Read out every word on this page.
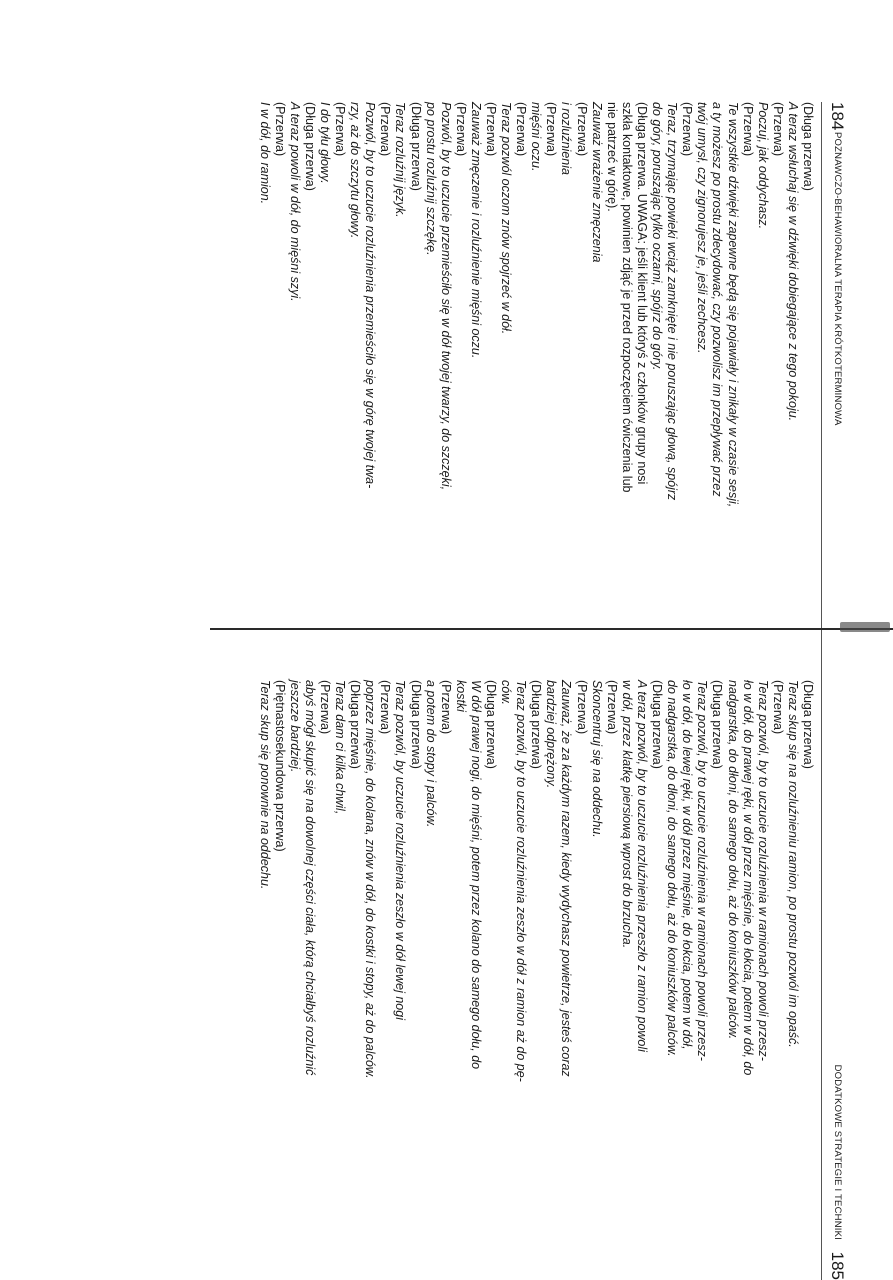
184
POZNAWCZO-BEHAWIORALNA TERAPIA KRÓTKOTERMINOWA
(Długa przerwa)
A teraz wsłuchaj się w dźwięki dobiegające z tego pokoju.
(Przerwa)
Poczuj, jak oddychasz.
(Przerwa)
Te wszystkie dźwięki zapewne będą się pojawiały i znikały w czasie sesji,
a ty możesz po prostu zdecydować, czy pozwolisz im przepływać przez
twój umysł, czy zignorujesz je, jeśli zechcesz.
(Przerwa)
Teraz, trzymając powieki wciąż zamknięte i nie poruszając głową, spójrz
do góry, poruszając tylko oczami, spójrz do góry.
(Długa przerwa. UWAGA: jeśli klient lub któryś z członków grupy nosi
szkła kontaktowe, powinien zdjąć je przed rozpoczęciem ćwiczenia lub
nie patrzeć w górę).
Zauważ wrażenie zmęczenia
(Przerwa)
i rozluźnienia
(Przerwa)
mięśni oczu.
(Przerwa)
Teraz pozwól oczom znów spojrzeć w dół.
(Przerwa)
Zauważ zmęczenie i rozluźnienie mięśni oczu.
(Przerwa)
Pozwól, by to uczucie przemieściło się w dół twojej twarzy, do szczęki,
po prostu rozluźnij szczękę.
(Długa przerwa)
Teraz rozluźnij język.
(Przerwa)
Pozwól, by to uczucie rozluźnienia przemieściło się w górę twojej twa-
rzy, aż do szczytu głowy.
(Przerwa)
I do tyłu głowy.
(Długa przerwa)
A teraz powoli w dół, do mięśni szyi.
(Przerwa)
I w dół, do ramion.
DODATKOWE STRATEGIE I TECHNIKI
185
(Długa przerwa)
Teraz skup się na rozluźnieniu ramion, po prostu pozwól im opaść.
(Przerwa)
Teraz pozwól, by to uczucie rozluźnienia w ramionach powoli przesz-
ło w dół, do prawej ręki, w dół przez mięśnie, do łokcia, potem w dół, do
nadgarstka, do dłoni, do samego dołu, aż do koniuszków palców.
(Długa przerwa)
Teraz pozwól, by to uczucie rozluźnienia w ramionach powoli przesz-
ło w dół, do lewej ręki, w dół przez mięśnie, do łokcia, potem w dół,
do nadgarstka, do dłoni, do samego dołu, aż do koniuszków palców.
(Długa przerwa)
A teraz pozwól, by to uczucie rozluźnienia przeszło z ramion powoli
w dół, przez klatkę piersiową wprost do brzucha.
(Przerwa)
Skoncentruj się na oddechu.
(Przerwa)
Zauważ, że za każdym razem, kiedy wydychasz powietrze, jesteś coraz
bardziej odprężony.
(Długa przerwa)
Teraz pozwól, by to uczucie rozluźnienia zeszło w dół z ramion aż do pę-
ców.
(Długa przerwa)
W dół prawej nogi, do mięśni, potem przez kolano do samego dołu, do
kostki
(Przerwa)
a potem do stopy i palców.
(Długa przerwa)
Teraz pozwól, by uczucie rozluźnienia zeszło w dół lewej nogi
(Przerwa)
poprzez mięśnie, do kolana, znów w dół, do kostki i stopy, aż do palców.
(Długa przerwa)
Teraz dam ci kilka chwil,
(Przerwa)
abyś mógł skupić się na dowolnej części ciała, którą chciałbyś rozluźnić
jeszcze bardziej.
(Piętnastosekundowa przerwa)
Teraz skup się ponownie na oddechu.
